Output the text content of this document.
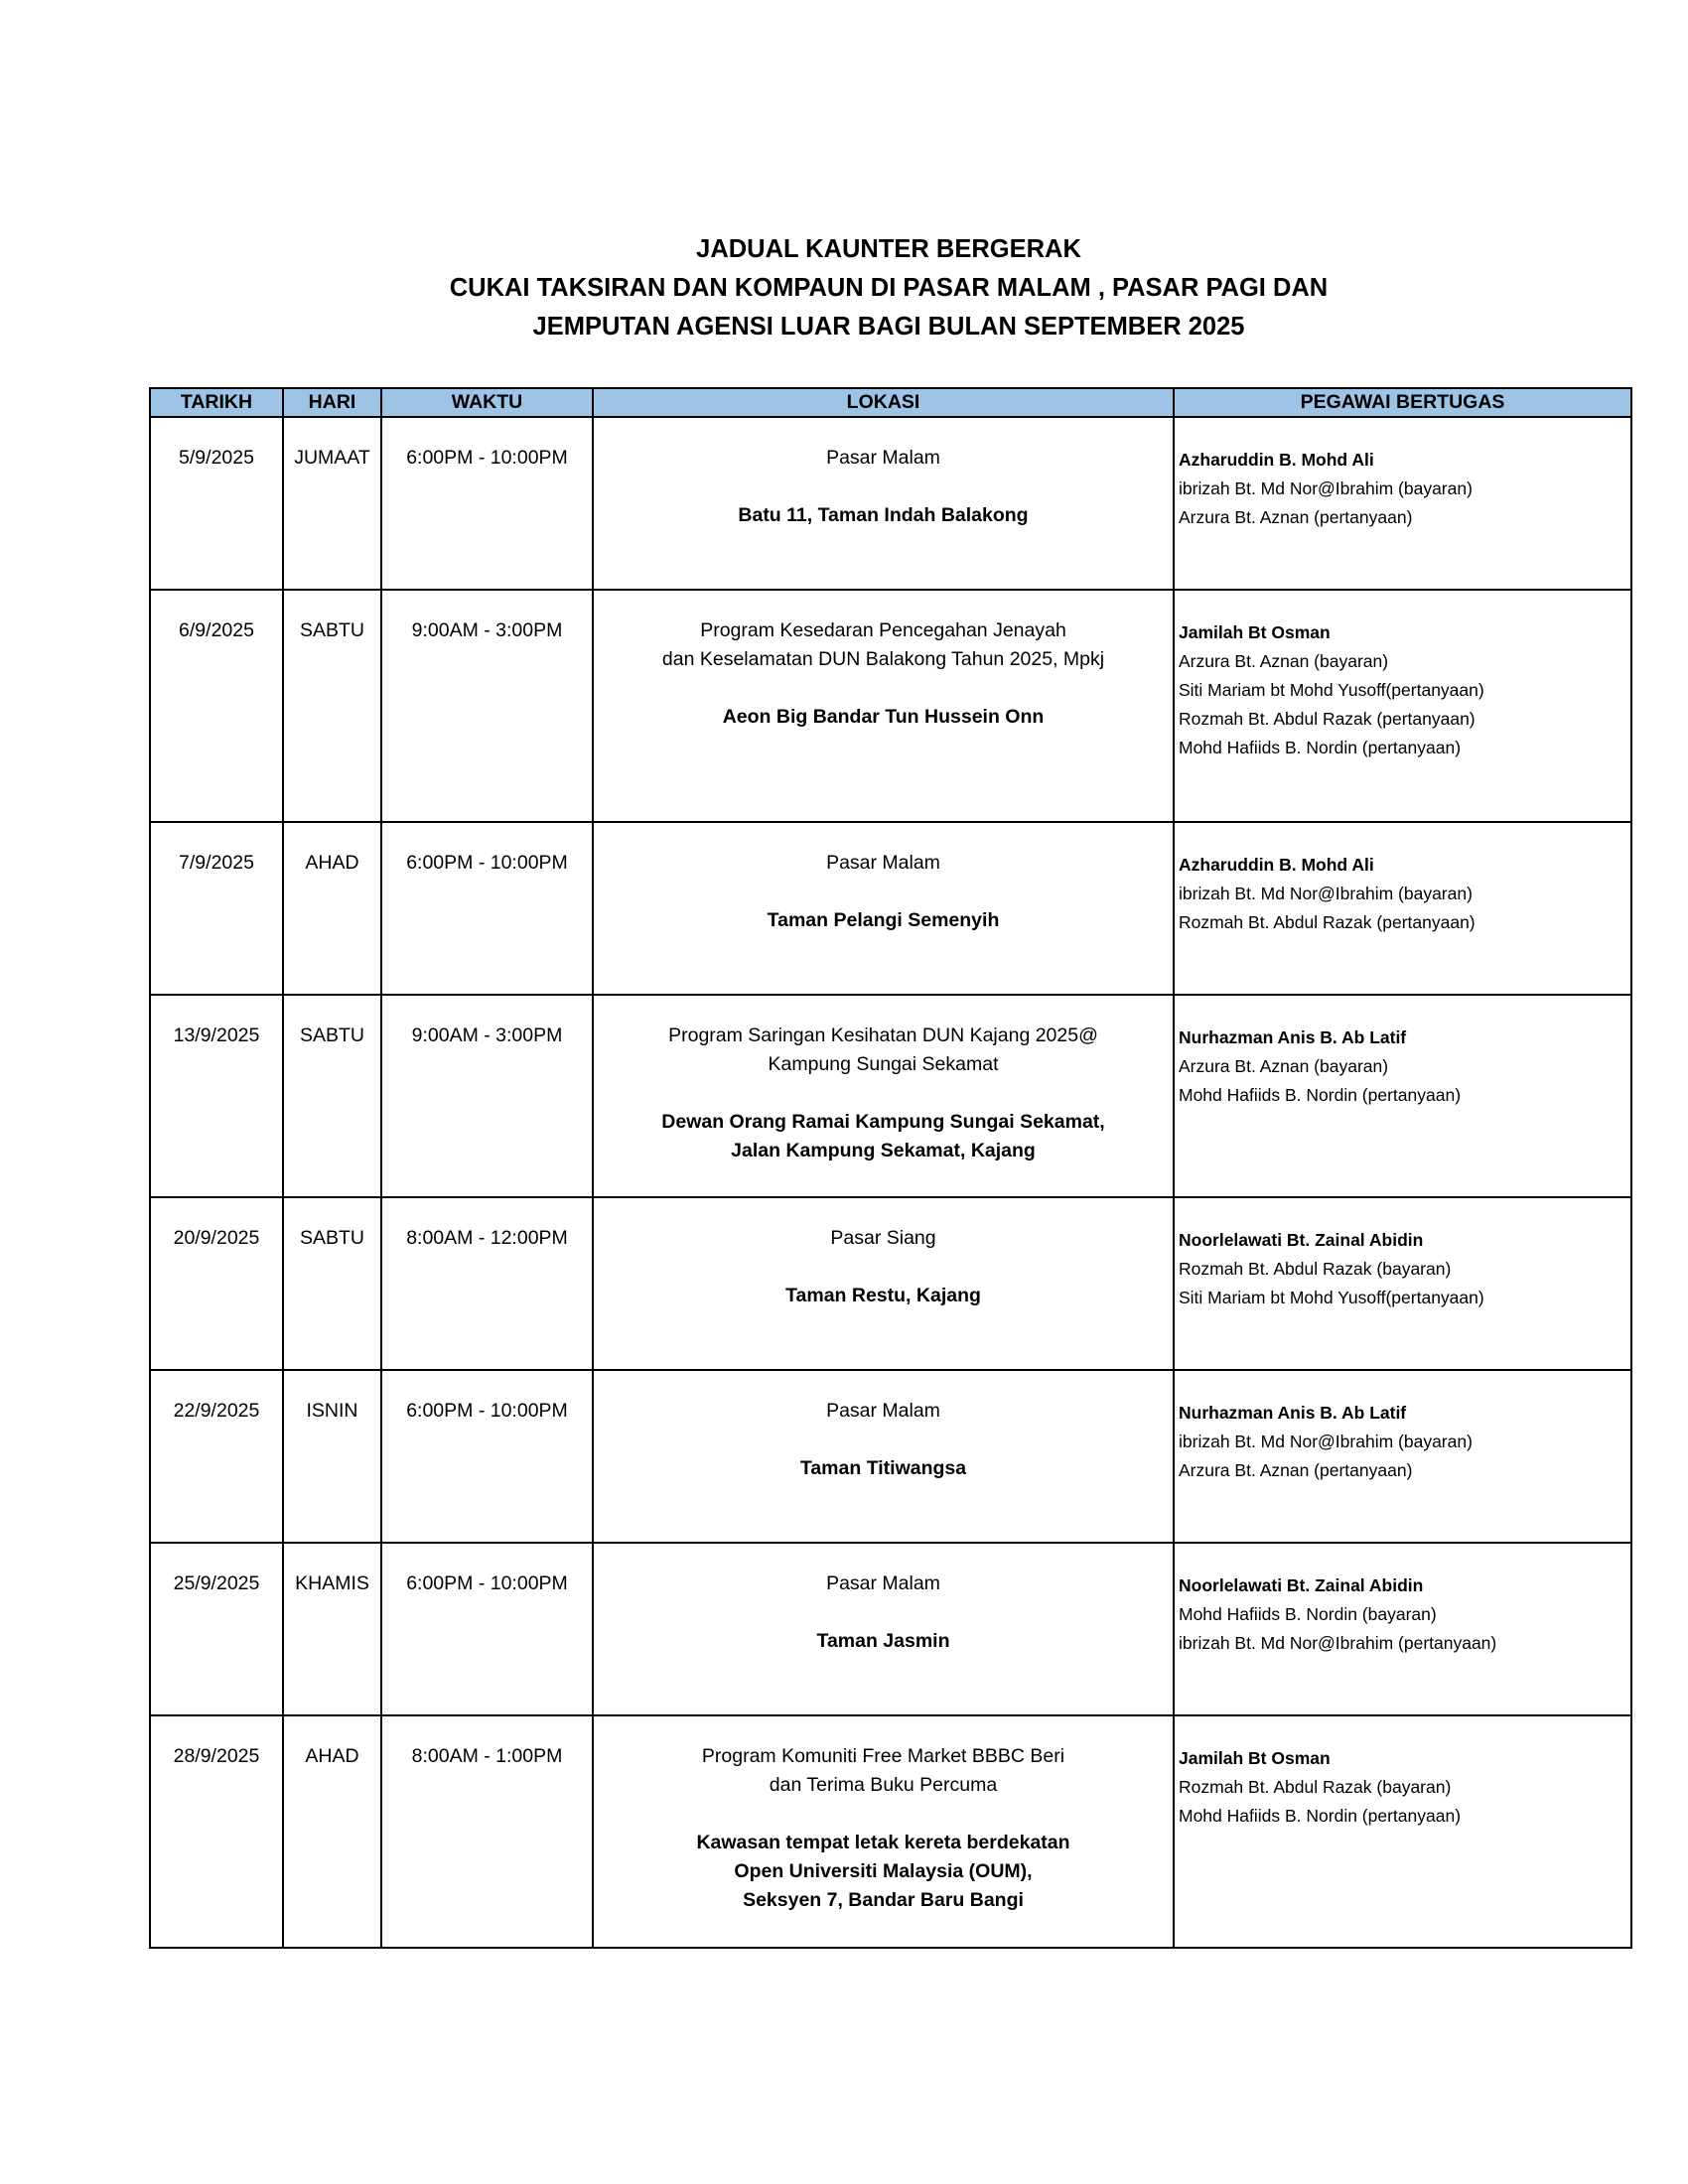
JADUAL KAUNTER BERGERAK
CUKAI TAKSIRAN DAN KOMPAUN DI PASAR MALAM , PASAR PAGI DAN
JEMPUTAN AGENSI LUAR BAGI BULAN SEPTEMBER 2025
TARIKH	HARI	WAKTU	LOKASI	PEGAWAI BERTUGAS

5/9/2025	JUMAAT	6:00PM - 10:00PM	Pasar Malam
Batu 11, Taman Indah Balakong	Azharuddin B. Mohd Ali
ibrizah Bt. Md Nor@Ibrahim (bayaran)
Arzura Bt. Aznan (pertanyaan)

6/9/2025	SABTU	9:00AM - 3:00PM	Program Kesedaran Pencegahan Jenayah
dan Keselamatan DUN Balakong Tahun 2025, Mpkj
Aeon Big Bandar Tun Hussein Onn	Jamilah Bt Osman
Arzura Bt. Aznan (bayaran)
Siti Mariam bt Mohd Yusoff(pertanyaan)
Rozmah Bt. Abdul Razak (pertanyaan)
Mohd Hafiids B. Nordin (pertanyaan)

7/9/2025	AHAD	6:00PM - 10:00PM	Pasar Malam
Taman Pelangi Semenyih	Azharuddin B. Mohd Ali
ibrizah Bt. Md Nor@Ibrahim (bayaran)
Rozmah Bt. Abdul Razak (pertanyaan)

13/9/2025	SABTU	9:00AM - 3:00PM	Program Saringan Kesihatan DUN Kajang 2025@
Kampung Sungai Sekamat
Dewan Orang Ramai Kampung Sungai Sekamat,
Jalan Kampung Sekamat, Kajang	Nurhazman Anis B. Ab Latif
Arzura Bt. Aznan (bayaran)
Mohd Hafiids B. Nordin (pertanyaan)

20/9/2025	SABTU	8:00AM - 12:00PM	Pasar Siang
Taman Restu, Kajang	Noorlelawati Bt. Zainal Abidin
Rozmah Bt. Abdul Razak (bayaran)
Siti Mariam bt Mohd Yusoff(pertanyaan)

22/9/2025	ISNIN	6:00PM - 10:00PM	Pasar Malam
Taman Titiwangsa	Nurhazman Anis B. Ab Latif
ibrizah Bt. Md Nor@Ibrahim (bayaran)
Arzura Bt. Aznan (pertanyaan)

25/9/2025	KHAMIS	6:00PM - 10:00PM	Pasar Malam
Taman Jasmin	Noorlelawati Bt. Zainal Abidin
Mohd Hafiids B. Nordin (bayaran)
ibrizah Bt. Md Nor@Ibrahim (pertanyaan)

28/9/2025	AHAD	8:00AM - 1:00PM	Program Komuniti Free Market BBBC Beri
dan Terima Buku Percuma
Kawasan tempat letak kereta berdekatan
Open Universiti Malaysia (OUM),
Seksyen 7, Bandar Baru Bangi	Jamilah Bt Osman
Rozmah Bt. Abdul Razak (bayaran)
Mohd Hafiids B. Nordin (pertanyaan)
